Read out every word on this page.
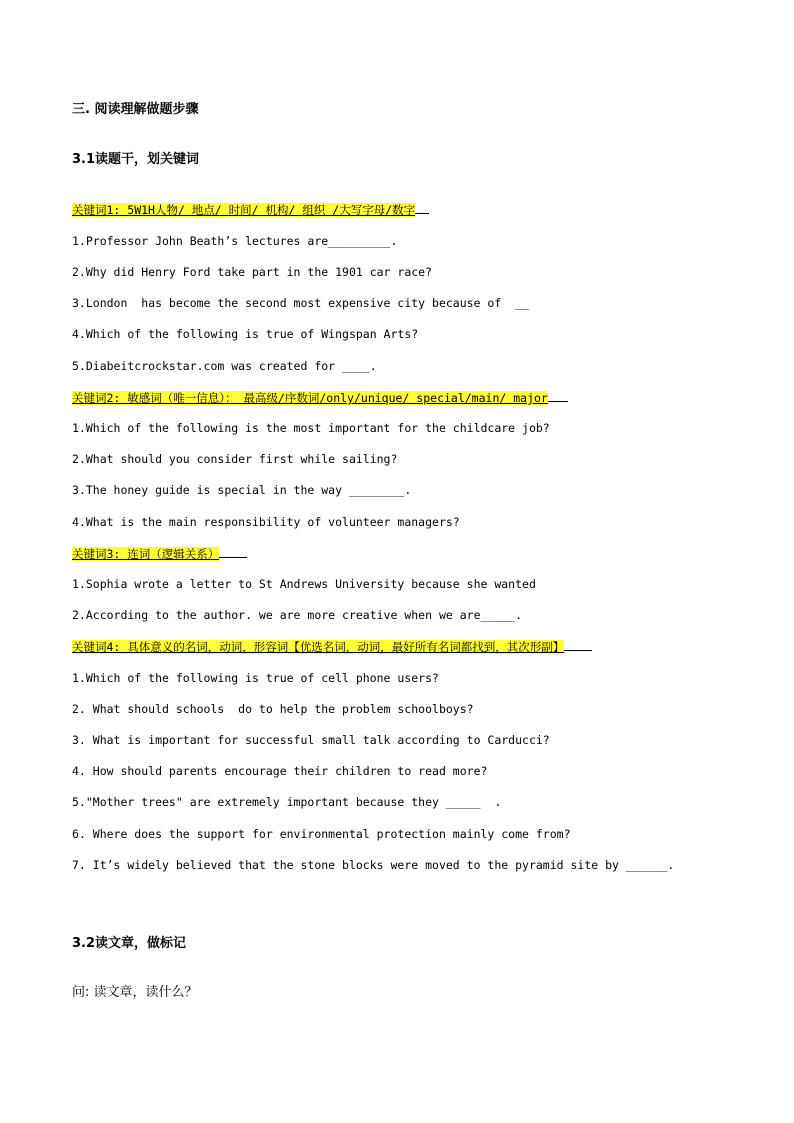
三. 阅读理解做题步骤
3.1读题干，划关键词
关键词1: 5W1H人物/ 地点/ 时间/ 机构/ 组织 /大写字母/数字
1.Professor John Beath’s lectures are_________.
2.Why did Henry Ford take part in the 1901 car race?
3.London  has become the second most expensive city because of  __
4.Which of the following is true of Wingspan Arts?
5.Diabeitcrockstar.com was created for ____.
关键词2: 敏感词（唯一信息）： 最高级/序数词/only/unique/ special/main/ major
1.Which of the following is the most important for the childcare job?
2.What should you consider first while sailing?
3.The honey guide is special in the way ________.
4.What is the main responsibility of volunteer managers?
关键词3: 连词（逻辑关系）
1.Sophia wrote a letter to St Andrews University because she wanted
2.According to the author. we are more creative when we are_____.
关键词4: 具体意义的名词，动词，形容词【优选名词，动词，最好所有名词都找到，其次形副】
1.Which of the following is true of cell phone users?
2. What should schools  do to help the problem schoolboys?
3. What is important for successful small talk according to Carducci?
4. How should parents encourage their children to read more?
5."Mother trees" are extremely important because they _____  .
6. Where does the support for environmental protection mainly come from?
7. It’s widely believed that the stone blocks were moved to the pyramid site by ______.
3.2读文章，做标记
问: 读文章，读什么？
